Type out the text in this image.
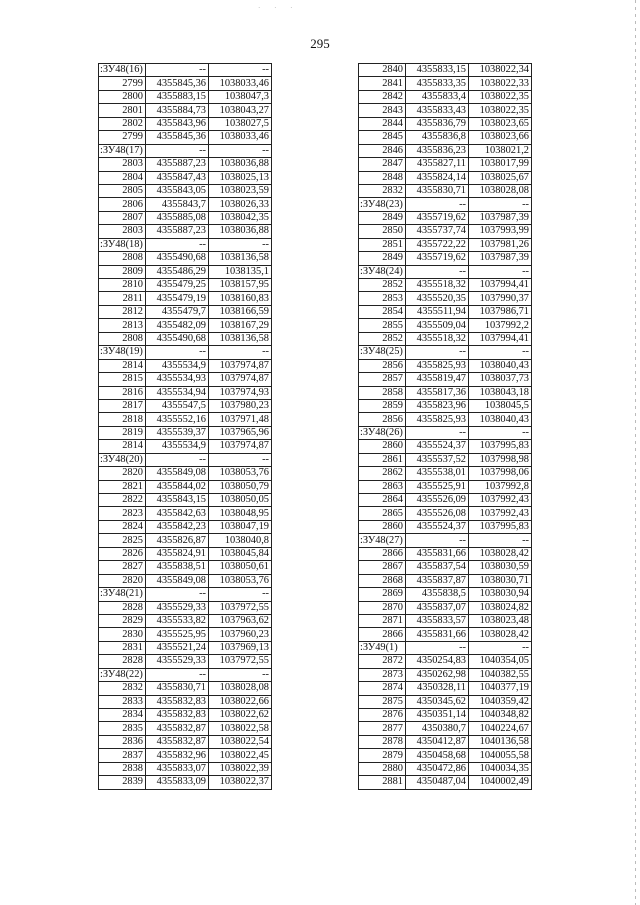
· · ·
295
:ЗУ48(16)	--	--
2799	4355845,36	1038033,46
2800	4355883,15	1038047,3
2801	4355884,73	1038043,27
2802	4355843,96	1038027,5
2799	4355845,36	1038033,46
:ЗУ48(17)	--	--
2803	4355887,23	1038036,88
2804	4355847,43	1038025,13
2805	4355843,05	1038023,59
2806	4355843,7	1038026,33
2807	4355885,08	1038042,35
2803	4355887,23	1038036,88
:ЗУ48(18)	--	--
2808	4355490,68	1038136,58
2809	4355486,29	1038135,1
2810	4355479,25	1038157,95
2811	4355479,19	1038160,83
2812	4355479,7	1038166,59
2813	4355482,09	1038167,29
2808	4355490,68	1038136,58
:ЗУ48(19)	--	--
2814	4355534,9	1037974,87
2815	4355534,93	1037974,87
2816	4355534,94	1037974,93
2817	4355547,5	1037980,23
2818	4355552,16	1037971,48
2819	4355539,37	1037965,96
2814	4355534,9	1037974,87
:ЗУ48(20)	--	--
2820	4355849,08	1038053,76
2821	4355844,02	1038050,79
2822	4355843,15	1038050,05
2823	4355842,63	1038048,95
2824	4355842,23	1038047,19
2825	4355826,87	1038040,8
2826	4355824,91	1038045,84
2827	4355838,51	1038050,61
2820	4355849,08	1038053,76
:ЗУ48(21)	--	--
2828	4355529,33	1037972,55
2829	4355533,82	1037963,62
2830	4355525,95	1037960,23
2831	4355521,24	1037969,13
2828	4355529,33	1037972,55
:ЗУ48(22)	--	--
2832	4355830,71	1038028,08
2833	4355832,83	1038022,66
2834	4355832,83	1038022,62
2835	4355832,87	1038022,58
2836	4355832,87	1038022,54
2837	4355832,96	1038022,45
2838	4355833,07	1038022,39
2839	4355833,09	1038022,37
2840	4355833,15	1038022,34
2841	4355833,35	1038022,33
2842	4355833,4	1038022,35
2843	4355833,43	1038022,35
2844	4355836,79	1038023,65
2845	4355836,8	1038023,66
2846	4355836,23	1038021,2
2847	4355827,11	1038017,99
2848	4355824,14	1038025,67
2832	4355830,71	1038028,08
:ЗУ48(23)	--	--
2849	4355719,62	1037987,39
2850	4355737,74	1037993,99
2851	4355722,22	1037981,26
2849	4355719,62	1037987,39
:ЗУ48(24)	--	--
2852	4355518,32	1037994,41
2853	4355520,35	1037990,37
2854	4355511,94	1037986,71
2855	4355509,04	1037992,2
2852	4355518,32	1037994,41
:ЗУ48(25)	--	--
2856	4355825,93	1038040,43
2857	4355819,47	1038037,73
2858	4355817,36	1038043,18
2859	4355823,96	1038045,5
2856	4355825,93	1038040,43
:ЗУ48(26)	--	--
2860	4355524,37	1037995,83
2861	4355537,52	1037998,98
2862	4355538,01	1037998,06
2863	4355525,91	1037992,8
2864	4355526,09	1037992,43
2865	4355526,08	1037992,43
2860	4355524,37	1037995,83
:ЗУ48(27)	--	--
2866	4355831,66	1038028,42
2867	4355837,54	1038030,59
2868	4355837,87	1038030,71
2869	4355838,5	1038030,94
2870	4355837,07	1038024,82
2871	4355833,57	1038023,48
2866	4355831,66	1038028,42
:ЗУ49(1)	--	--
2872	4350254,83	1040354,05
2873	4350262,98	1040382,55
2874	4350328,11	1040377,19
2875	4350345,62	1040359,42
2876	4350351,14	1040348,82
2877	4350380,7	1040224,67
2878	4350412,87	1040136,58
2879	4350458,68	1040055,58
2880	4350472,86	1040034,35
2881	4350487,04	1040002,49
